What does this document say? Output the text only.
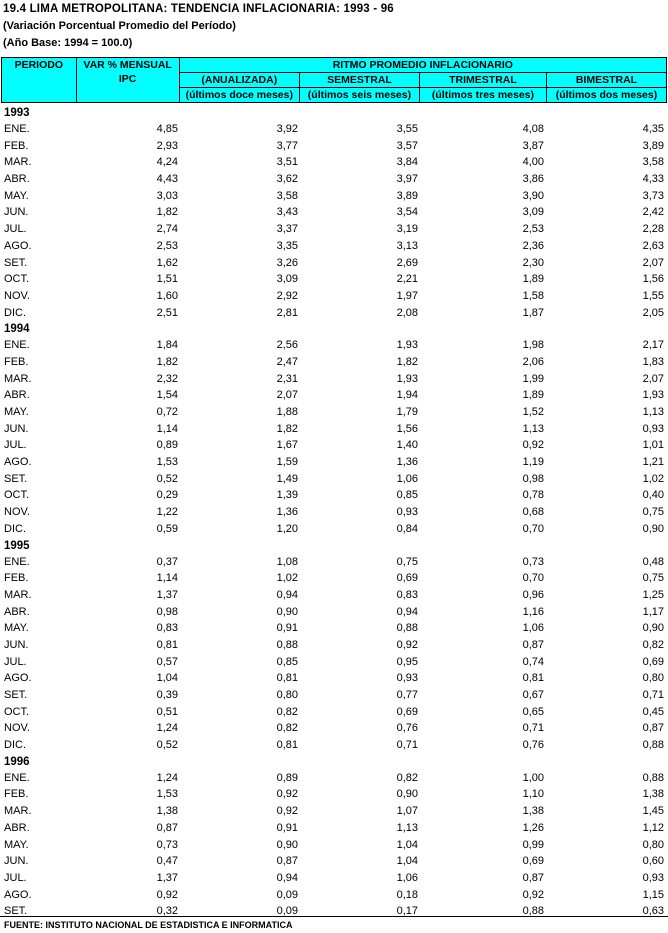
19.4 LIMA METROPOLITANA: TENDENCIA INFLACIONARIA: 1993 - 96
(Variación Porcentual Promedio del Período)
(Año Base: 1994 = 100.0)
PERIODO	VAR % MENSUAL
IPC	RITMO PROMEDIO INFLACIONARIO			
		(ANUALIZADA)	SEMESTRAL	TRIMESTRAL	BIMESTRAL
		(últimos doce meses)	(últimos seis meses)	(últimos tres meses)	(últimos dos meses)
1993
ENE.	4,85	3,92	3,55	4,08	4,35
FEB.	2,93	3,77	3,57	3,87	3,89
MAR.	4,24	3,51	3,84	4,00	3,58
ABR.	4,43	3,62	3,97	3,86	4,33
MAY.	3,03	3,58	3,89	3,90	3,73
JUN.	1,82	3,43	3,54	3,09	2,42
JUL.	2,74	3,37	3,19	2,53	2,28
AGO.	2,53	3,35	3,13	2,36	2,63
SET.	1,62	3,26	2,69	2,30	2,07
OCT.	1,51	3,09	2,21	1,89	1,56
NOV.	1,60	2,92	1,97	1,58	1,55
DIC.	2,51	2,81	2,08	1,87	2,05
1994
ENE.	1,84	2,56	1,93	1,98	2,17
FEB.	1,82	2,47	1,82	2,06	1,83
MAR.	2,32	2,31	1,93	1,99	2,07
ABR.	1,54	2,07	1,94	1,89	1,93
MAY.	0,72	1,88	1,79	1,52	1,13
JUN.	1,14	1,82	1,56	1,13	0,93
JUL.	0,89	1,67	1,40	0,92	1,01
AGO.	1,53	1,59	1,36	1,19	1,21
SET.	0,52	1,49	1,06	0,98	1,02
OCT.	0,29	1,39	0,85	0,78	0,40
NOV.	1,22	1,36	0,93	0,68	0,75
DIC.	0,59	1,20	0,84	0,70	0,90
1995
ENE.	0,37	1,08	0,75	0,73	0,48
FEB.	1,14	1,02	0,69	0,70	0,75
MAR.	1,37	0,94	0,83	0,96	1,25
ABR.	0,98	0,90	0,94	1,16	1,17
MAY.	0,83	0,91	0,88	1,06	0,90
JUN.	0,81	0,88	0,92	0,87	0,82
JUL.	0,57	0,85	0,95	0,74	0,69
AGO.	1,04	0,81	0,93	0,81	0,80
SET.	0,39	0,80	0,77	0,67	0,71
OCT.	0,51	0,82	0,69	0,65	0,45
NOV.	1,24	0,82	0,76	0,71	0,87
DIC.	0,52	0,81	0,71	0,76	0,88
1996
ENE.	1,24	0,89	0,82	1,00	0,88
FEB.	1,53	0,92	0,90	1,10	1,38
MAR.	1,38	0,92	1,07	1,38	1,45
ABR.	0,87	0,91	1,13	1,26	1,12
MAY.	0,73	0,90	1,04	0,99	0,80
JUN.	0,47	0,87	1,04	0,69	0,60
JUL.	1,37	0,94	1,06	0,87	0,93
AGO.	0,92	0,09	0,18	0,92	1,15
SET.	0,32	0,09	0,17	0,88	0,63
FUENTE: INSTITUTO NACIONAL DE ESTADISTICA E INFORMATICA
